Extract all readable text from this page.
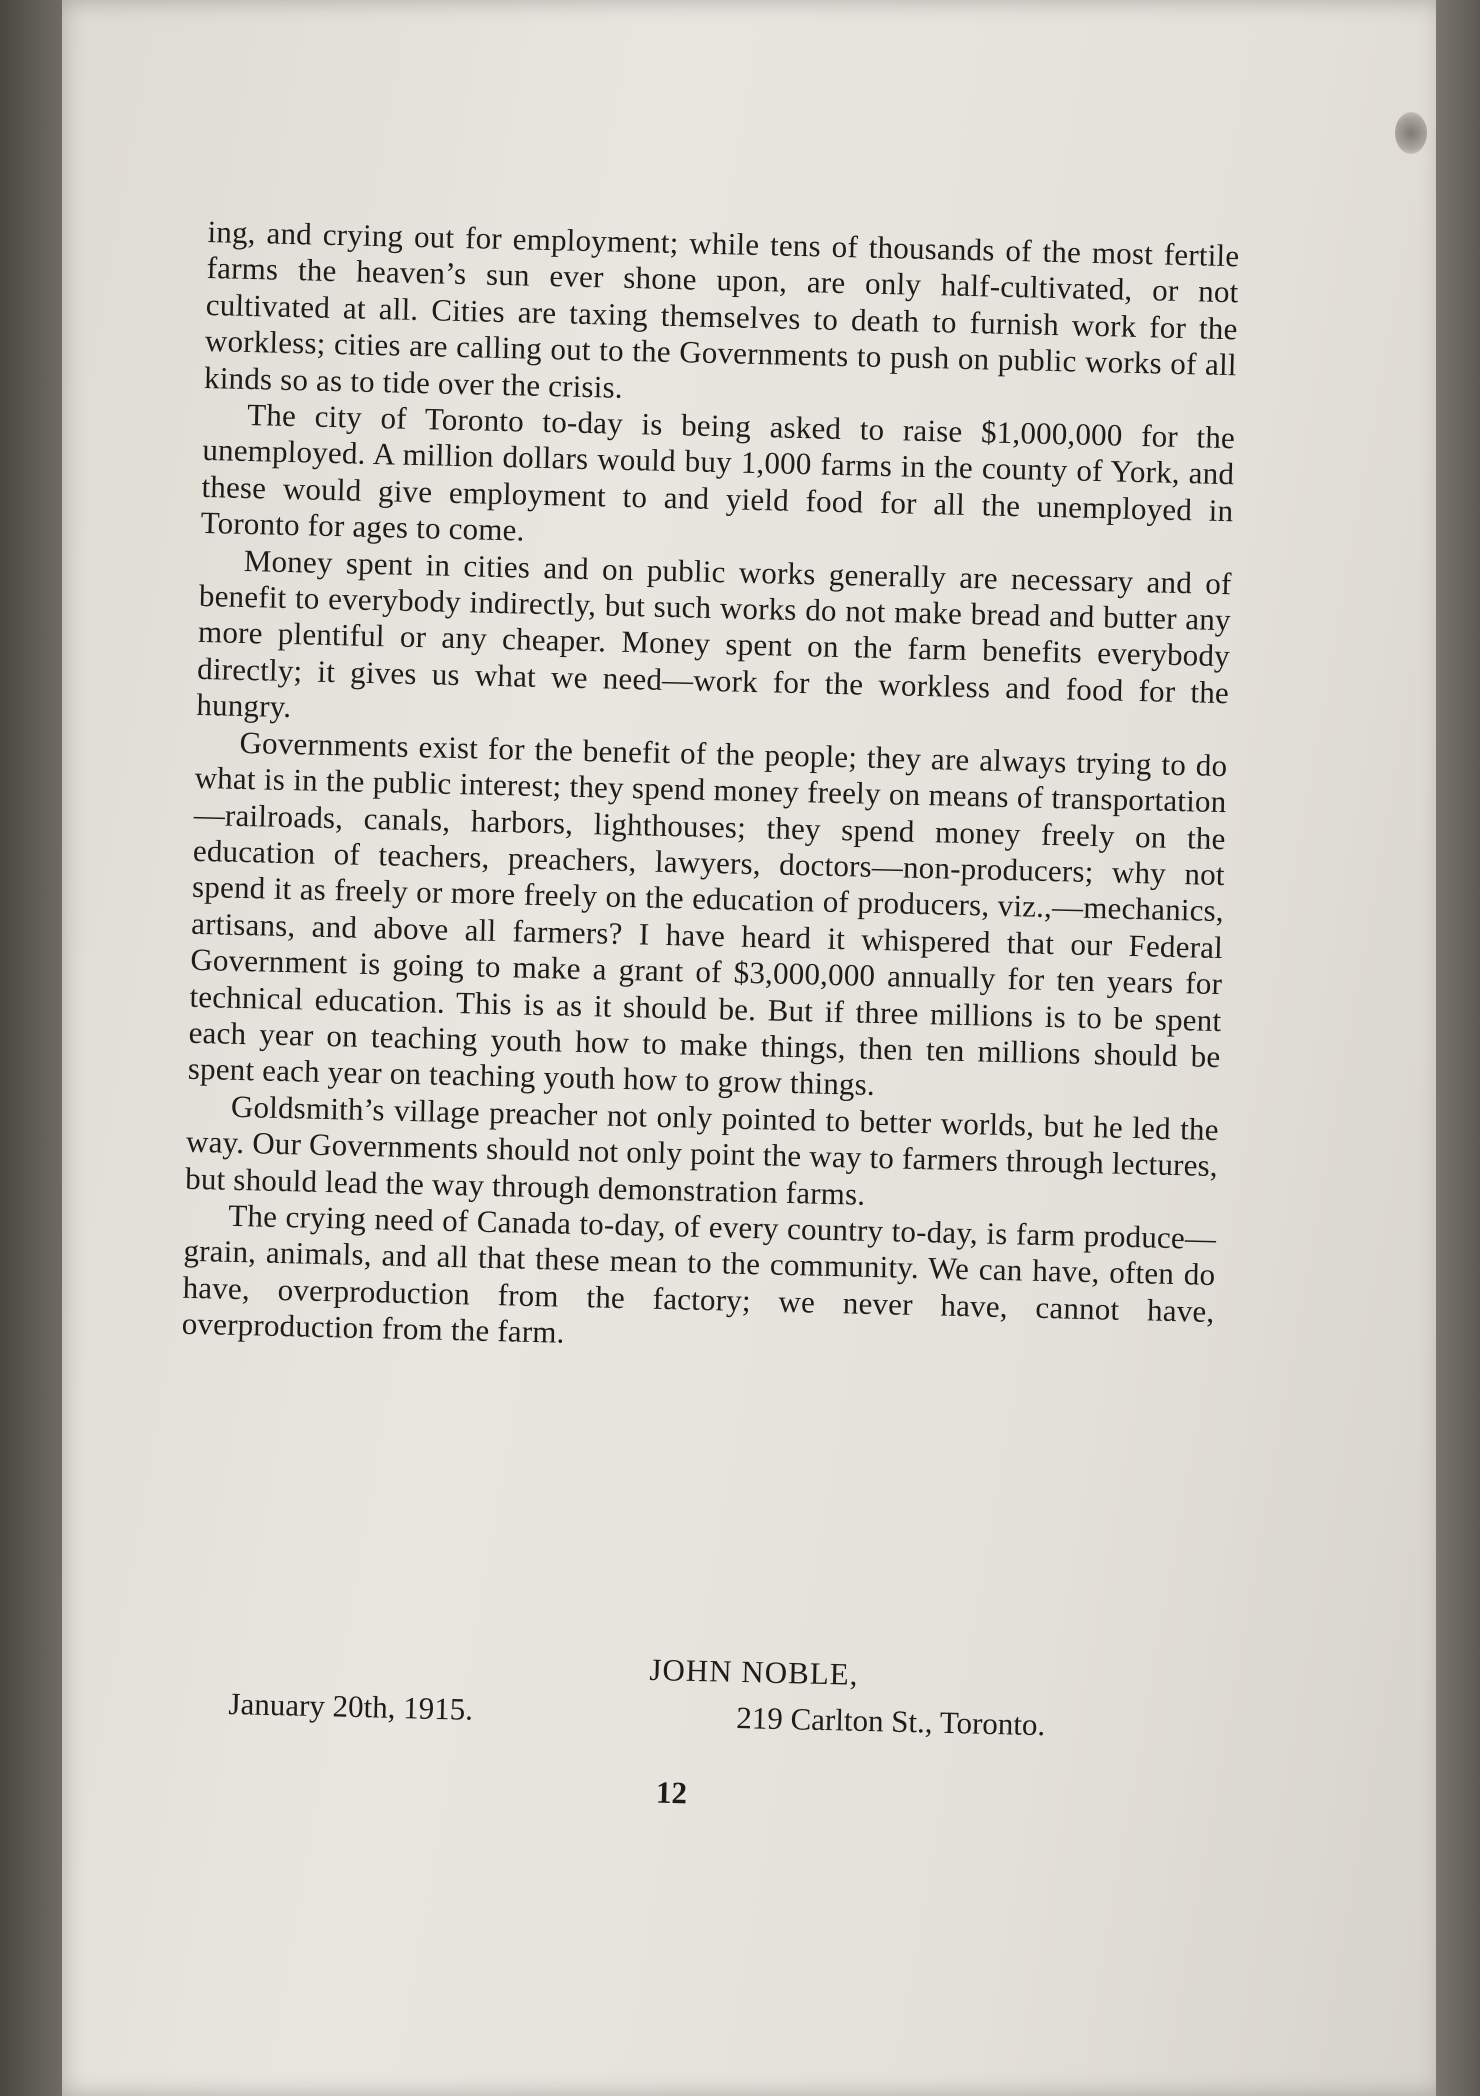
ing, and crying out for employment; while tens of thousands of the most fertile farms the heaven’s sun ever shone upon, are only half-cultivated, or not cultivated at all. Cities are taxing themselves to death to furnish work for the workless; cities are calling out to the Governments to push on public works of all kinds so as to tide over the crisis.

The city of Toronto to-day is being asked to raise $1,000,000 for the unemployed. A million dollars would buy 1,000 farms in the county of York, and these would give employment to and yield food for all the unemployed in Toronto for ages to come.

Money spent in cities and on public works generally are necessary and of benefit to everybody indirectly, but such works do not make bread and butter any more plentiful or any cheaper. Money spent on the farm benefits everybody directly; it gives us what we need—work for the workless and food for the hungry.

Governments exist for the benefit of the people; they are always trying to do what is in the public interest; they spend money freely on means of transportation—railroads, canals, harbors, lighthouses; they spend money freely on the education of teachers, preachers, lawyers, doctors—non-producers; why not spend it as freely or more freely on the education of producers, viz.,—mechanics, artisans, and above all farmers? I have heard it whispered that our Federal Government is going to make a grant of $3,000,000 annually for ten years for technical education. This is as it should be. But if three millions is to be spent each year on teaching youth how to make things, then ten millions should be spent each year on teaching youth how to grow things.

Goldsmith’s village preacher not only pointed to better worlds, but he led the way. Our Governments should not only point the way to farmers through lectures, but should lead the way through demonstration farms.

The crying need of Canada to-day, of every country to-day, is farm produce—grain, animals, and all that these mean to the community. We can have, often do have, overproduction from the factory; we never have, cannot have, overproduction from the farm.

January 20th, 1915.
JOHN NOBLE,
219 Carlton St., Toronto.
12
